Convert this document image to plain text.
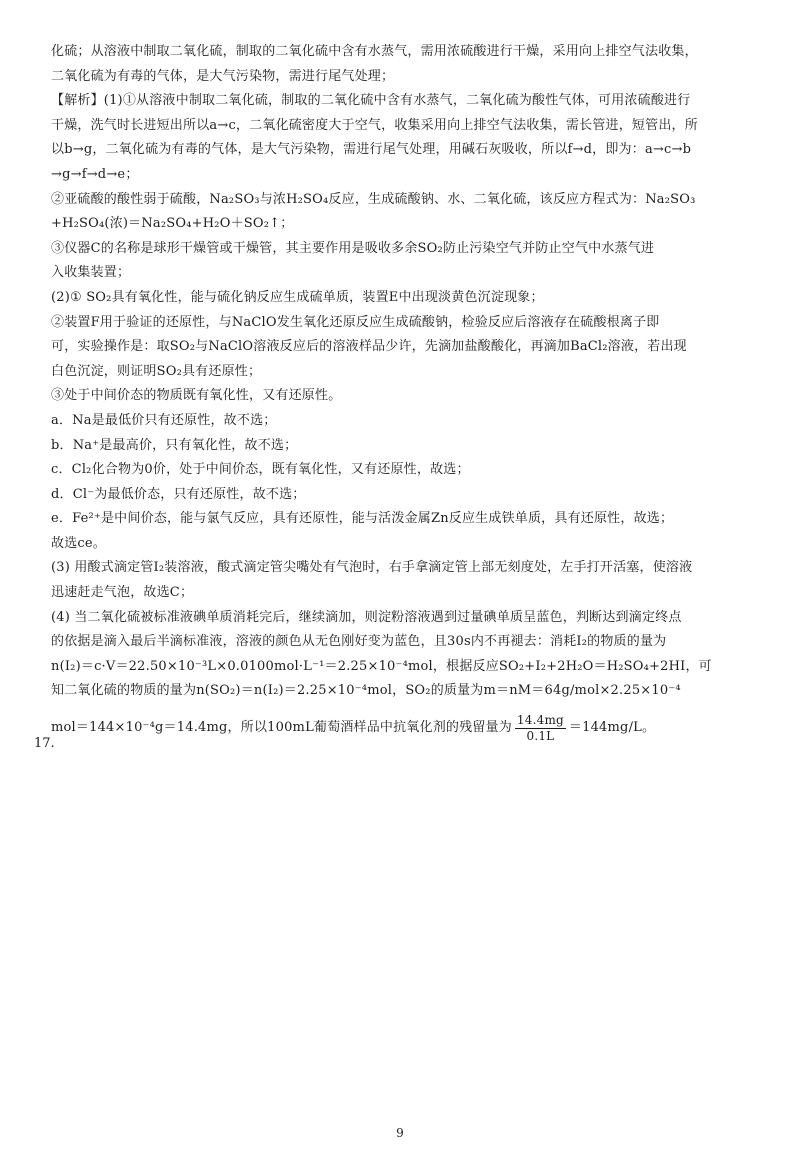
化硫；从溶液中制取二氧化硫，制取的二氧化硫中含有水蒸气，需用浓硫酸进行干燥，采用向上排空气法收集，
二氧化硫为有毒的气体，是大气污染物，需进行尾气处理；
【解析】(1)①从溶液中制取二氧化硫，制取的二氧化硫中含有水蒸气，二氧化硫为酸性气体，可用浓硫酸进行
干燥，洗气时长进短出所以a→c，二氧化硫密度大于空气，收集采用向上排空气法收集，需长管进，短管出，所
以b→g，二氧化硫为有毒的气体，是大气污染物，需进行尾气处理，用碱石灰吸收，所以f→d，即为：a→c→b
→g→f→d→e；
②亚硫酸的酸性弱于硫酸，Na₂SO₃与浓H₂SO₄反应，生成硫酸钠、水、二氧化硫，该反应方程式为：Na₂SO₃
+H₂SO₄(浓)＝Na₂SO₄+H₂O＋SO₂↑；
③仪器C的名称是球形干燥管或干燥管，其主要作用是吸收多余SO₂防止污染空气并防止空气中水蒸气进
入收集装置；
(2)① SO₂具有氧化性，能与硫化钠反应生成硫单质，装置E中出现淡黄色沉淀现象；
②装置F用于验证的还原性，与NaClO发生氧化还原反应生成硫酸钠，检验反应后溶液存在硫酸根离子即
可，实验操作是：取SO₂与NaClO溶液反应后的溶液样品少许，先滴加盐酸酸化，再滴加BaCl₂溶液，若出现
白色沉淀，则证明SO₂具有还原性；
③处于中间价态的物质既有氧化性，又有还原性。
a．Na是最低价只有还原性，故不选；
b．Na⁺是最高价，只有氧化性，故不选；
c．Cl₂化合物为0价，处于中间价态，既有氧化性，又有还原性，故选；
d．Cl⁻为最低价态，只有还原性，故不选；
e．Fe²⁺是中间价态，能与氯气反应，具有还原性，能与活泼金属Zn反应生成铁单质，具有还原性，故选；
故选ce。
(3) 用酸式滴定管I₂装溶液，酸式滴定管尖嘴处有气泡时，右手拿滴定管上部无刻度处，左手打开活塞，使溶液
迅速赶走气泡，故选C；
(4) 当二氧化硫被标准液碘单质消耗完后，继续滴加，则淀粉溶液遇到过量碘单质呈蓝色，判断达到滴定终点
的依据是滴入最后半滴标准液，溶液的颜色从无色刚好变为蓝色，且30s内不再褪去：消耗I₂的物质的量为
n(I₂)＝c·V＝22.50×10⁻³L×0.0100mol·L⁻¹＝2.25×10⁻⁴mol，根据反应SO₂+I₂+2H₂O＝H₂SO₄+2HI，可
知二氧化硫的物质的量为n(SO₂)＝n(I₂)＝2.25×10⁻⁴mol，SO₂的质量为m＝nM＝64g/mol×2.25×10⁻⁴
mol＝144×10⁻⁴g＝14.4mg，所以100mL葡萄酒样品中抗氧化剂的残留量为 $\frac{14.4mg}{0.1L} =144mg/L$。
17.
9
